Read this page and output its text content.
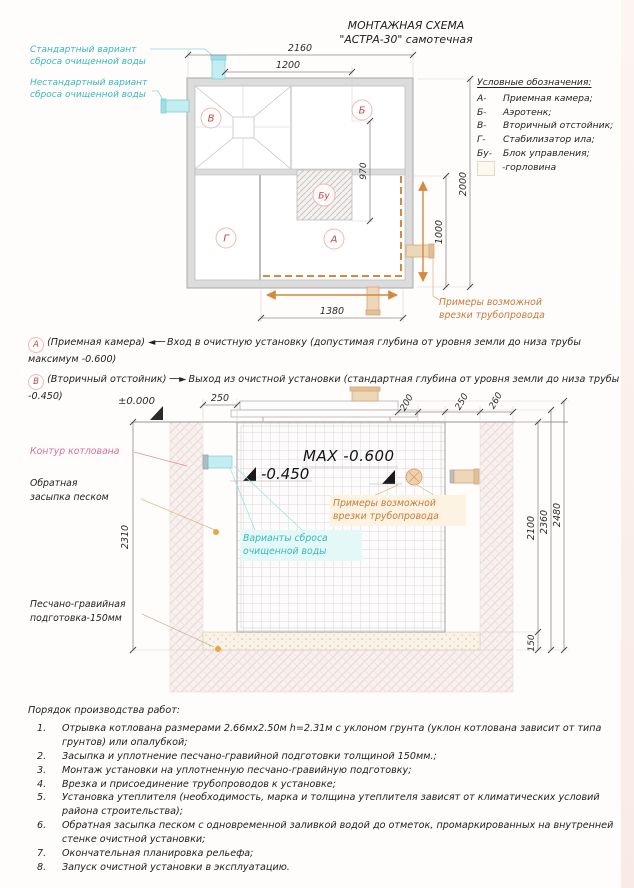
2160
1200
970
2000
1000
1380
В
Б
Г	А
Бу
±0.000	250	200	250 260
2310	2100 2360 2480
150
МОНТАЖНАЯ СХЕМА
"АСТРА-30" самотечная
Стандартный вариант
сброса очищенной воды
Нестандартный вариант
сброса очищенной воды
Условные обозначения:
А-	Приемная камера;
Б-	Аэротенк;
В-	Вторичный отстойник;
Г-	Стабилизатор ила;
Бу-	Блок управления;
-горловина
Примеры возможной
врезки трубопровода

А (Приемная камера) ◄── Вход в очистную установку (допустимая глубина от уровня земли до низа трубы максимум -0.600)

В (Вторичный отстойник) ──► Выход из очистной установки (стандартная глубина от уровня земли до низа трубы -0.450)

Контур котлована
Обратная
засыпка песком
Песчано-гравийная
подготовка-150мм
MAX -0.600
-0.450
Примеры возможной
врезки трубопровода
Варианты сброса
очищенной воды
Порядок производства работ:
1.	Отрывка котлована размерами 2.66мх2.50м h=2.31м с уклоном грунта (уклон котлована зависит от типа грунтов) или опалубкой;
2.	Засыпка и уплотнение песчано-гравийной подготовки толщиной 150мм.;
3.	Монтаж установки на уплотненную песчано-гравийную подготовку;
4.	Врезка и присоединение трубопроводов к установке;
5.	Установка утеплителя (необходимость, марка и толщина утеплителя зависят от климатических условий района строительства);
6.	Обратная засыпка песком с одновременной заливкой водой до отметок, промаркированных на внутренней стенке очистной установки;
7.	Окончательная планировка рельефа;
8.	Запуск очистной установки в эксплуатацию.
